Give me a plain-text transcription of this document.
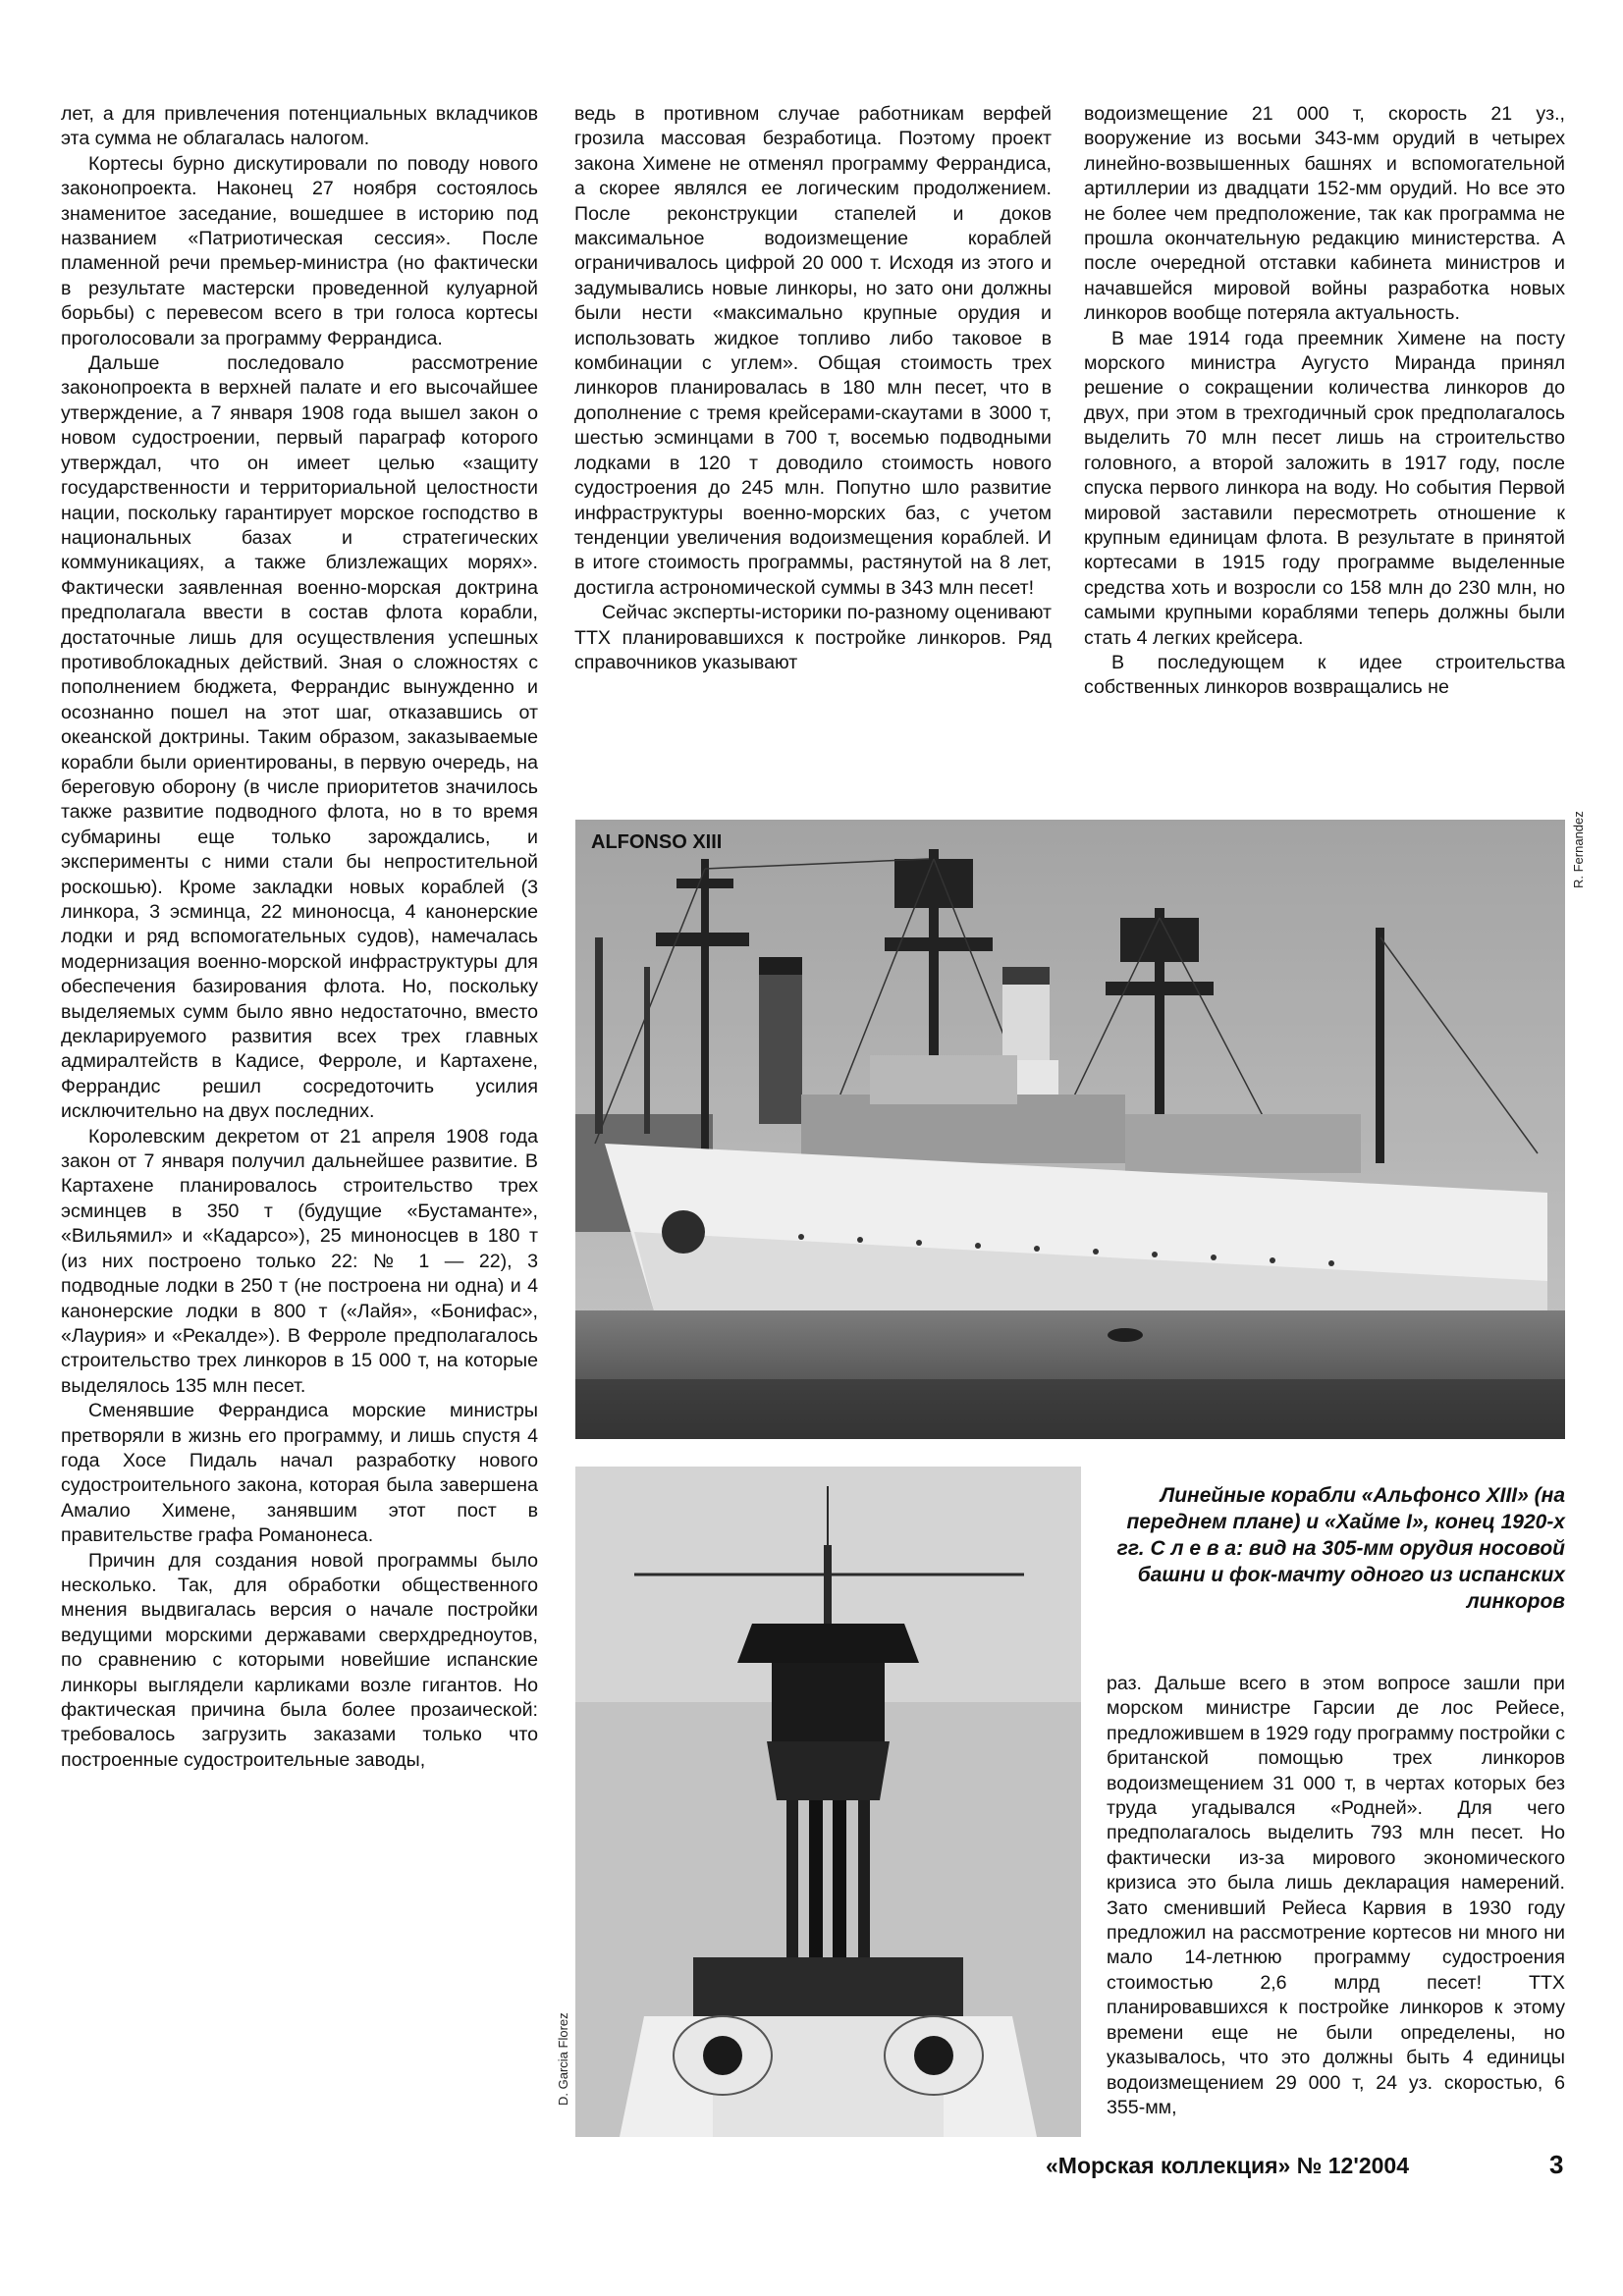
лет, а для привлечения потенциальных вкладчиков эта сумма не облагалась налогом.

Кортесы бурно дискутировали по поводу нового законопроекта. Наконец 27 ноября состоялось знаменитое заседание, вошедшее в историю под названием «Патриотическая сессия». После пламенной речи премьер-министра (но фактически в результате мастерски проведенной кулуарной борьбы) с перевесом всего в три голоса кортесы проголосовали за программу Феррандиса.

Дальше последовало рассмотрение законопроекта в верхней палате и его высочайшее утверждение, а 7 января 1908 года вышел закон о новом судостроении, первый параграф которого утверждал, что он имеет целью «защиту государственности и территориальной целостности нации, поскольку гарантирует морское господство в национальных базах и стратегических коммуникациях, а также близлежащих морях». Фактически заявленная военно-морская доктрина предполагала ввести в состав флота корабли, достаточные лишь для осуществления успешных противоблокадных действий. Зная о сложностях с пополнением бюджета, Феррандис вынужденно и осознанно пошел на этот шаг, отказавшись от океанской доктрины. Таким образом, заказываемые корабли были ориентированы, в первую очередь, на береговую оборону (в числе приоритетов значилось также развитие подводного флота, но в то время субмарины еще только зарождались, и эксперименты с ними стали бы непростительной роскошью). Кроме закладки новых кораблей (3 линкора, 3 эсминца, 22 миноносца, 4 канонерские лодки и ряд вспомогательных судов), намечалась модернизация военно-морской инфраструктуры для обеспечения базирования флота. Но, поскольку выделяемых сумм было явно недостаточно, вместо декларируемого развития всех трех главных адмиралтейств в Кадисе, Ферроле, и Картахене, Феррандис решил сосредоточить усилия исключительно на двух последних.

Королевским декретом от 21 апреля 1908 года закон от 7 января получил дальнейшее развитие. В Картахене планировалось строительство трех эсминцев в 350 т (будущие «Бустаманте», «Вильямил» и «Кадарсо»), 25 миноносцев в 180 т (из них построено только 22: № 1 — 22), 3 подводные лодки в 250 т (не построена ни одна) и 4 канонерские лодки в 800 т («Лайя», «Бонифас», «Лаурия» и «Рекалде»). В Ферроле предполагалось строительство трех линкоров в 15 000 т, на которые выделялось 135 млн песет.

Сменявшие Феррандиса морские министры претворяли в жизнь его программу, и лишь спустя 4 года Хосе Пидаль начал разработку нового судостроительного закона, которая была завершена Амалио Химене, занявшим этот пост в правительстве графа Романонеса.

Причин для создания новой программы было несколько. Так, для обработки общественного мнения выдвигалась версия о начале постройки ведущими морскими державами сверхдредноутов, по сравнению с которыми новейшие испанские линкоры выглядели карликами возле гигантов. Но фактическая причина была более прозаической: требовалось загрузить заказами только что построенные судостроительные заводы,

ведь в противном случае работникам верфей грозила массовая безработица. Поэтому проект закона Химене не отменял программу Феррандиса, а скорее являлся ее логическим продолжением. После реконструкции стапелей и доков максимальное водоизмещение кораблей ограничивалось цифрой 20 000 т. Исходя из этого и задумывались новые линкоры, но зато они должны были нести «максимально крупные орудия и использовать жидкое топливо либо таковое в комбинации с углем». Общая стоимость трех линкоров планировалась в 180 млн песет, что в дополнение с тремя крейсерами-скаутами в 3000 т, шестью эсминцами в 700 т, восемью подводными лодками в 120 т доводило стоимость нового судостроения до 245 млн. Попутно шло развитие инфраструктуры военно-морских баз, с учетом тенденции увеличения водоизмещения кораблей. И в итоге стоимость программы, растянутой на 8 лет, достигла астрономической суммы в 343 млн песет!

Сейчас эксперты-историки по-разному оценивают ТТХ планировавшихся к постройке линкоров. Ряд справочников указывают

водоизмещение 21 000 т, скорость 21 уз., вооружение из восьми 343-мм орудий в четырех линейно-возвышенных башнях и вспомогательной артиллерии из двадцати 152-мм орудий. Но все это не более чем предположение, так как программа не прошла окончательную редакцию министерства. А после очередной отставки кабинета министров и начавшейся мировой войны разработка новых линкоров вообще потеряла актуальность.

В мае 1914 года преемник Химене на посту морского министра Аугусто Миранда принял решение о сокращении количества линкоров до двух, при этом в трехгодичный срок предполагалось выделить 70 млн песет лишь на строительство головного, а второй заложить в 1917 году, после спуска первого линкора на воду. Но события Первой мировой заставили пересмотреть отношение к крупным единицам флота. В результате в принятой кортесами в 1915 году программе выделенные средства хоть и возросли со 158 млн до 230 млн, но самыми крупными кораблями теперь должны были стать 4 легких крейсера.

В последующем к идее строительства собственных линкоров возвращались не

ALFONSO XIII	R. Fernandez
D. Garcia Florez
Линейные корабли «Альфонсо XIII» (на переднем плане) и «Хайме I», конец 1920-х гг. С л е в а: вид на 305-мм орудия носовой башни и фок-мачту одного из испанских линкоров

раз. Дальше всего в этом вопросе зашли при морском министре Гарсии де лос Рейесе, предложившем в 1929 году программу постройки с британской помощью трех линкоров водоизмещением 31 000 т, в чертах которых без труда угадывался «Родней». Для чего предполагалось выделить 793 млн песет. Но фактически из-за мирового экономического кризиса это была лишь декларация намерений. Зато сменивший Рейеса Карвия в 1930 году предложил на рассмотрение кортесов ни много ни мало 14-летнюю программу судостроения стоимостью 2,6 млрд песет! ТТХ планировавшихся к постройке линкоров к этому времени еще не были определены, но указывалось, что это должны быть 4 единицы водоизмещением 29 000 т, 24 уз. скоростью, 6 355-мм,

«Морская коллекция» № 12'2004	3
